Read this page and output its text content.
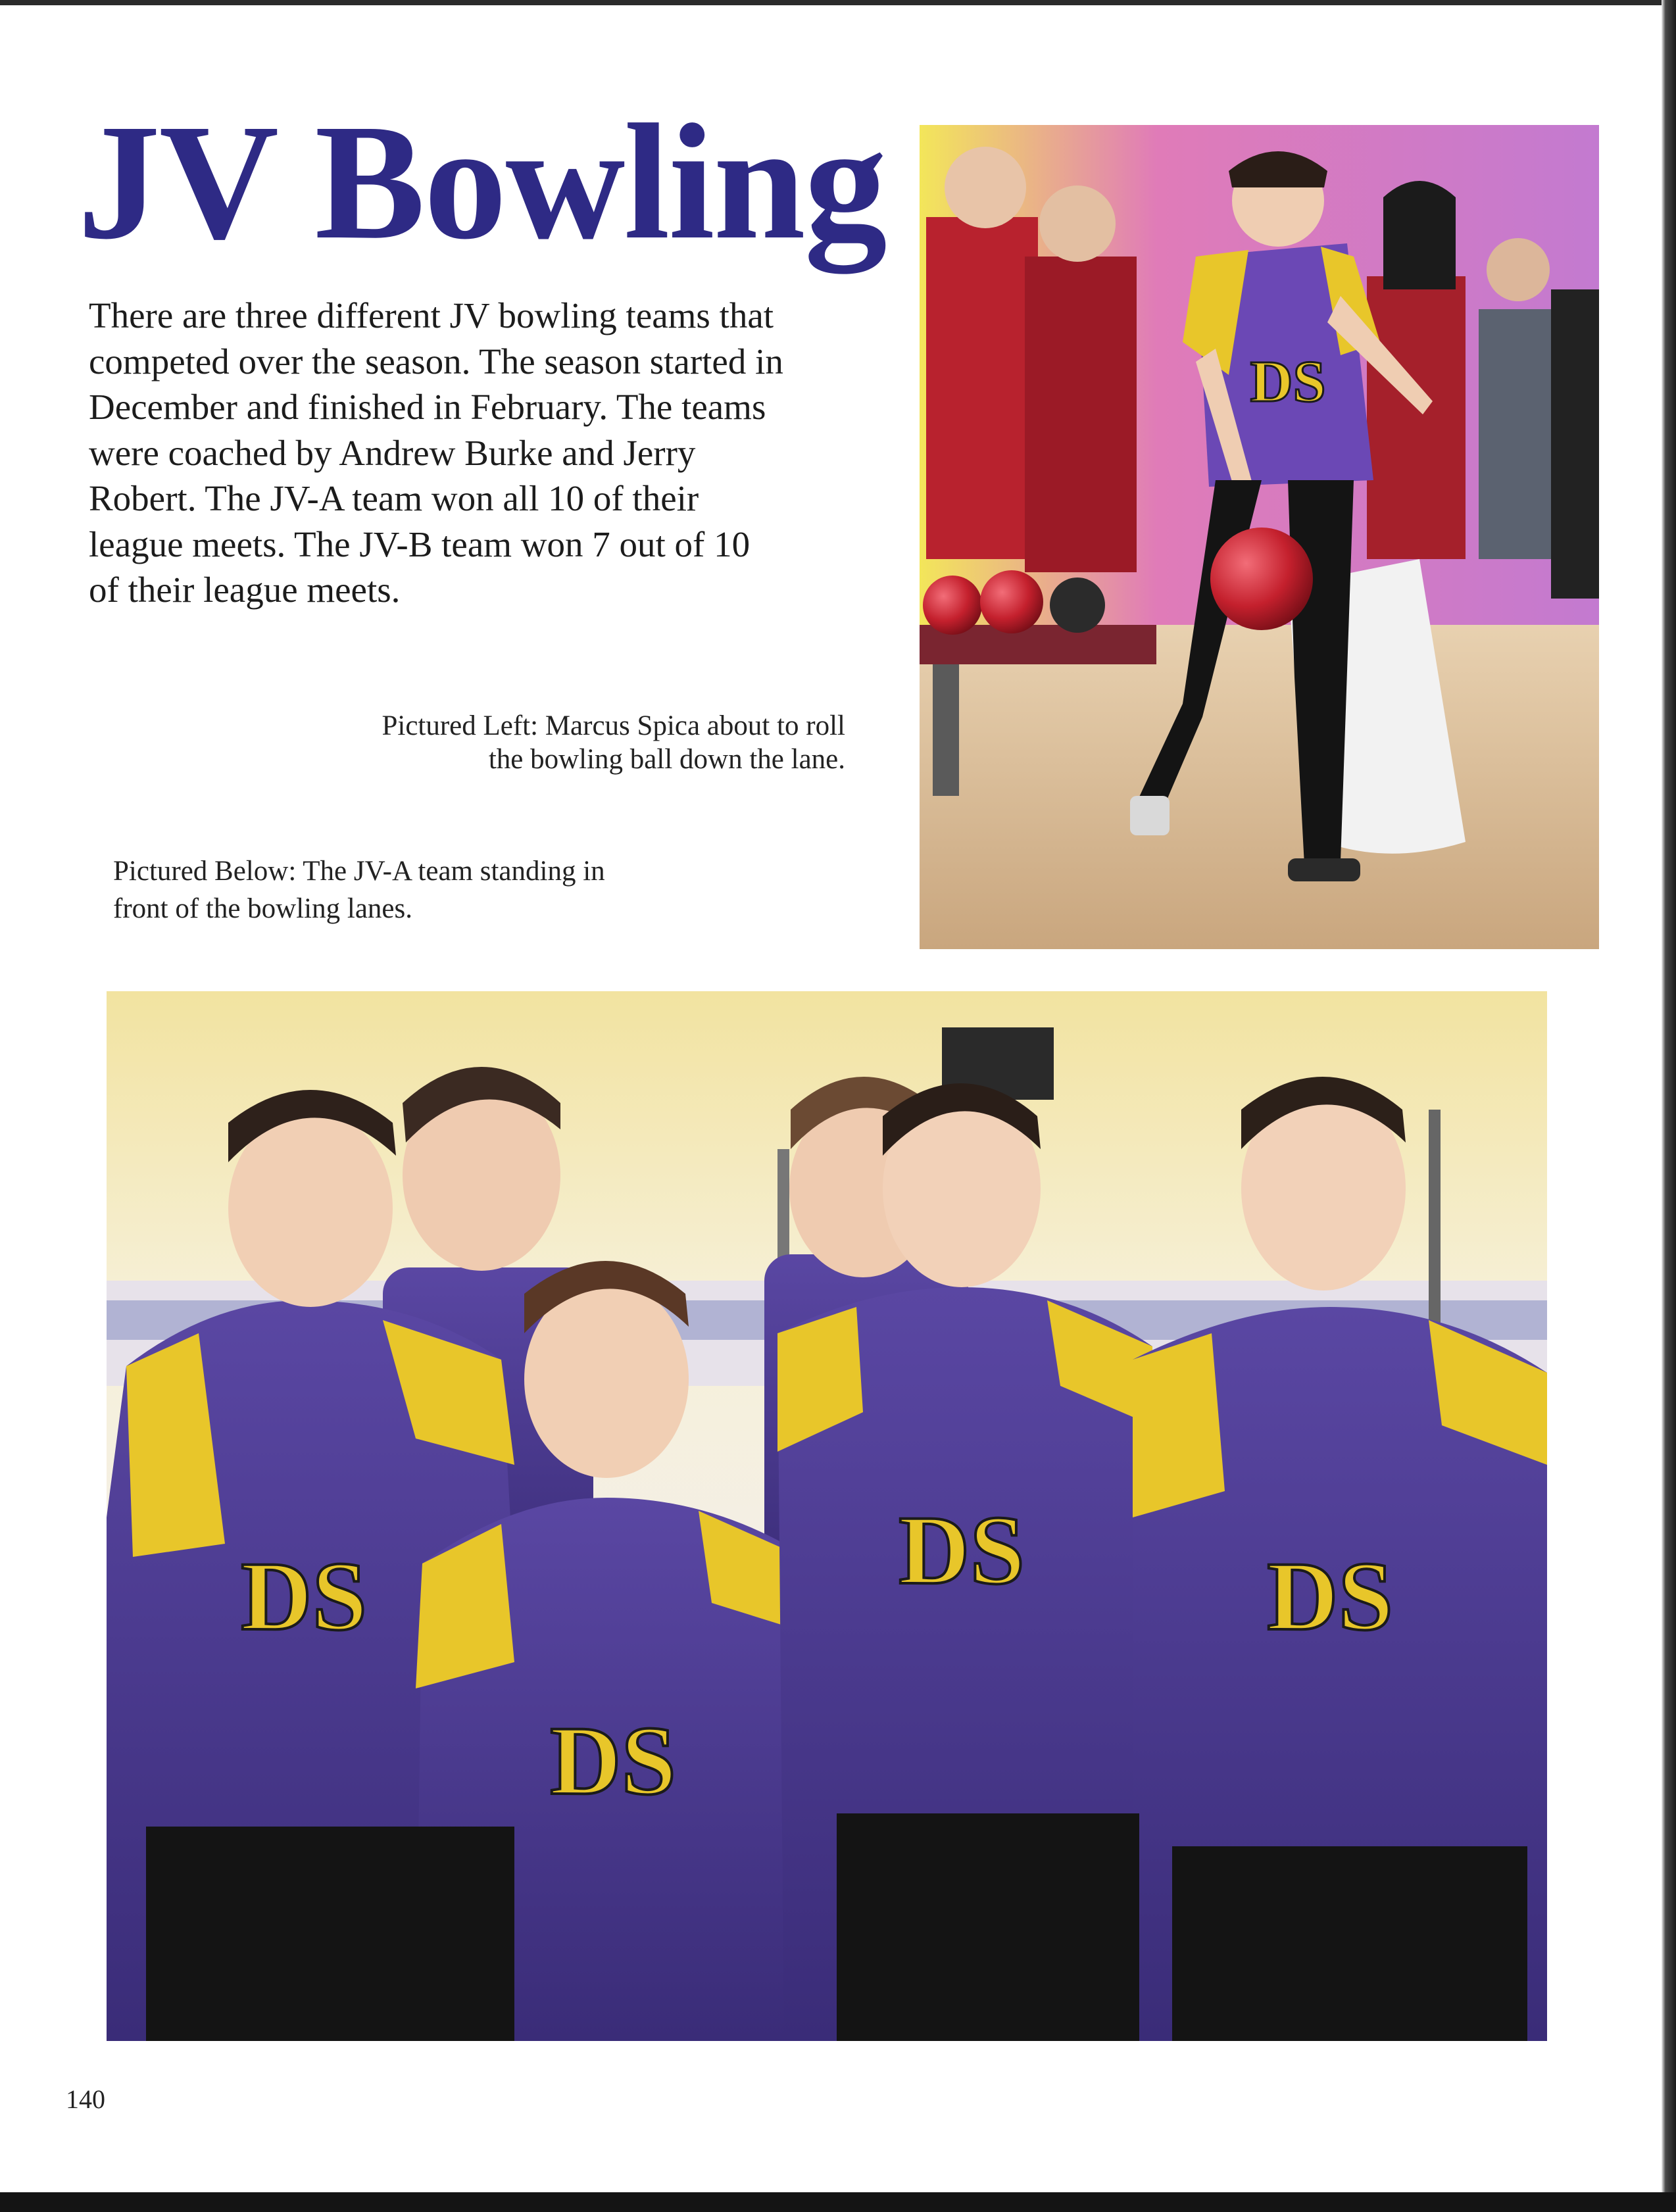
JV Bowling

There are three different JV bowling teams that competed over the season. The season started in December and finished in February. The teams were coached by Andrew Burke and Jerry Robert. The JV-A team won all 10 of their league meets. The JV-B team won 7 out of 10 of their league meets.

Pictured Left: Marcus Spica about to roll
the bowling ball down the lane.
Pictured Below: The JV-A team standing in
front of the bowling lanes.
DS
DS
DS
DS DS
140
